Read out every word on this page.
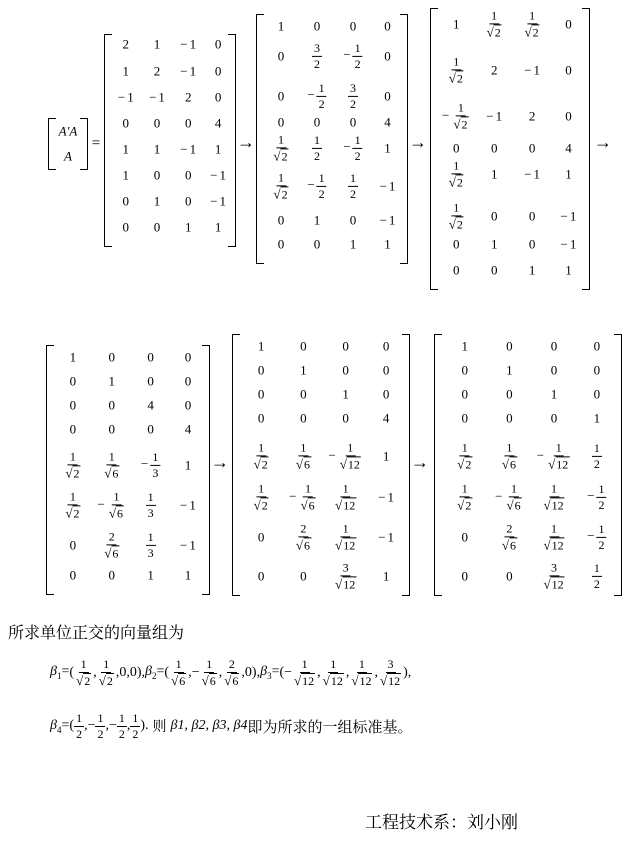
A'A
A
=
2 1 − 1 0
1 2 − 1 0
− 1 − 1 2 0
0 0 0 4
1 1 − 1 1
1 0 0 − 1
0 1 0 − 1
0 0 1 1
→
1 0 0 0
$0 \frac{3}{2} - \frac{1}{2} 0$
$0 - \frac{1}{2} \frac{3}{2} 0$
0 0 0 4
$\frac{1}{√2} \frac{1}{2} - \frac{1}{2} 1$
$\frac{1}{√2} - \frac{1}{2} \frac{1}{2} - 1$
0 1 0 − 1
0 0 1 1
→
$1 \frac{1}{√2} \frac{1}{√2} 0$
$\frac{1}{√2} 2 - 1$ 0
− $\frac{1}{√2} - 1$ 2 0
0 0 0 4
$\frac{1}{√2} 1 - 1$ 1
$\frac{1}{√2} 0$ 0 − 1
0 1 0 − 1
0 0 1 1
→
1 0 0 0
0 1 0 0
0 0 4 0
0 0 0 4
$\frac{1}{√2} \frac{1}{√6} - \frac{1}{3} 1$
$\frac{1}{√2} - \frac{1}{√6} \frac{1}{3} - 1$
$0 \frac{2}{√6} \frac{1}{3} - 1$
0 0 1 1
→
1	0	0	0
0	1	0	0
0	0	1	0
0	0	0	4
$\frac{1}{√2} \frac{1}{√6} - \frac{1}{√12} 1$
$\frac{1}{√2} - \frac{1}{√6} \frac{1}{√12} - 1$
$0 \frac{2}{√6} \frac{1}{√12} - 1$
0	$0 \frac{3}{√12} 1$
→
1	0	0	0
0	1	0	0
0	0	1	0
0	0	0	1
$\frac{1}{√2} \frac{1}{√6} - \frac{1}{√12} \frac{1}{2}$
$\frac{1}{√2} - \frac{1}{√6} \frac{1}{√12} - \frac{1}{2}$
0	$\frac{2}{√6} \frac{1}{√12} - \frac{1}{2}$
0	$0 \frac{3}{√12} \frac{1}{2}$
所求单位正交的向量组为
$\beta_1=$ ( $\frac{1}{√2}$ , $\frac{1}{√2} ,0,0$), $\beta_2=$ ( $\frac{1}{√6}$ ,− $\frac{1}{√6}$ , $\frac{2}{√6} ,0$), $\beta_3=$ (− $\frac{1}{√12}$ , $\frac{1}{√12}$ , $\frac{1}{√12}$ , $\frac{3}{√12}$ ),
$\beta_4=$ ( $\frac{1}{2}$ ,− $\frac{1}{2}$ ,− $\frac{1}{2}$ , $\frac{1}{2}$ ). 则 β1, β2, β3, β4 即为所求的一组标准基。
工程技术系：刘小刚
